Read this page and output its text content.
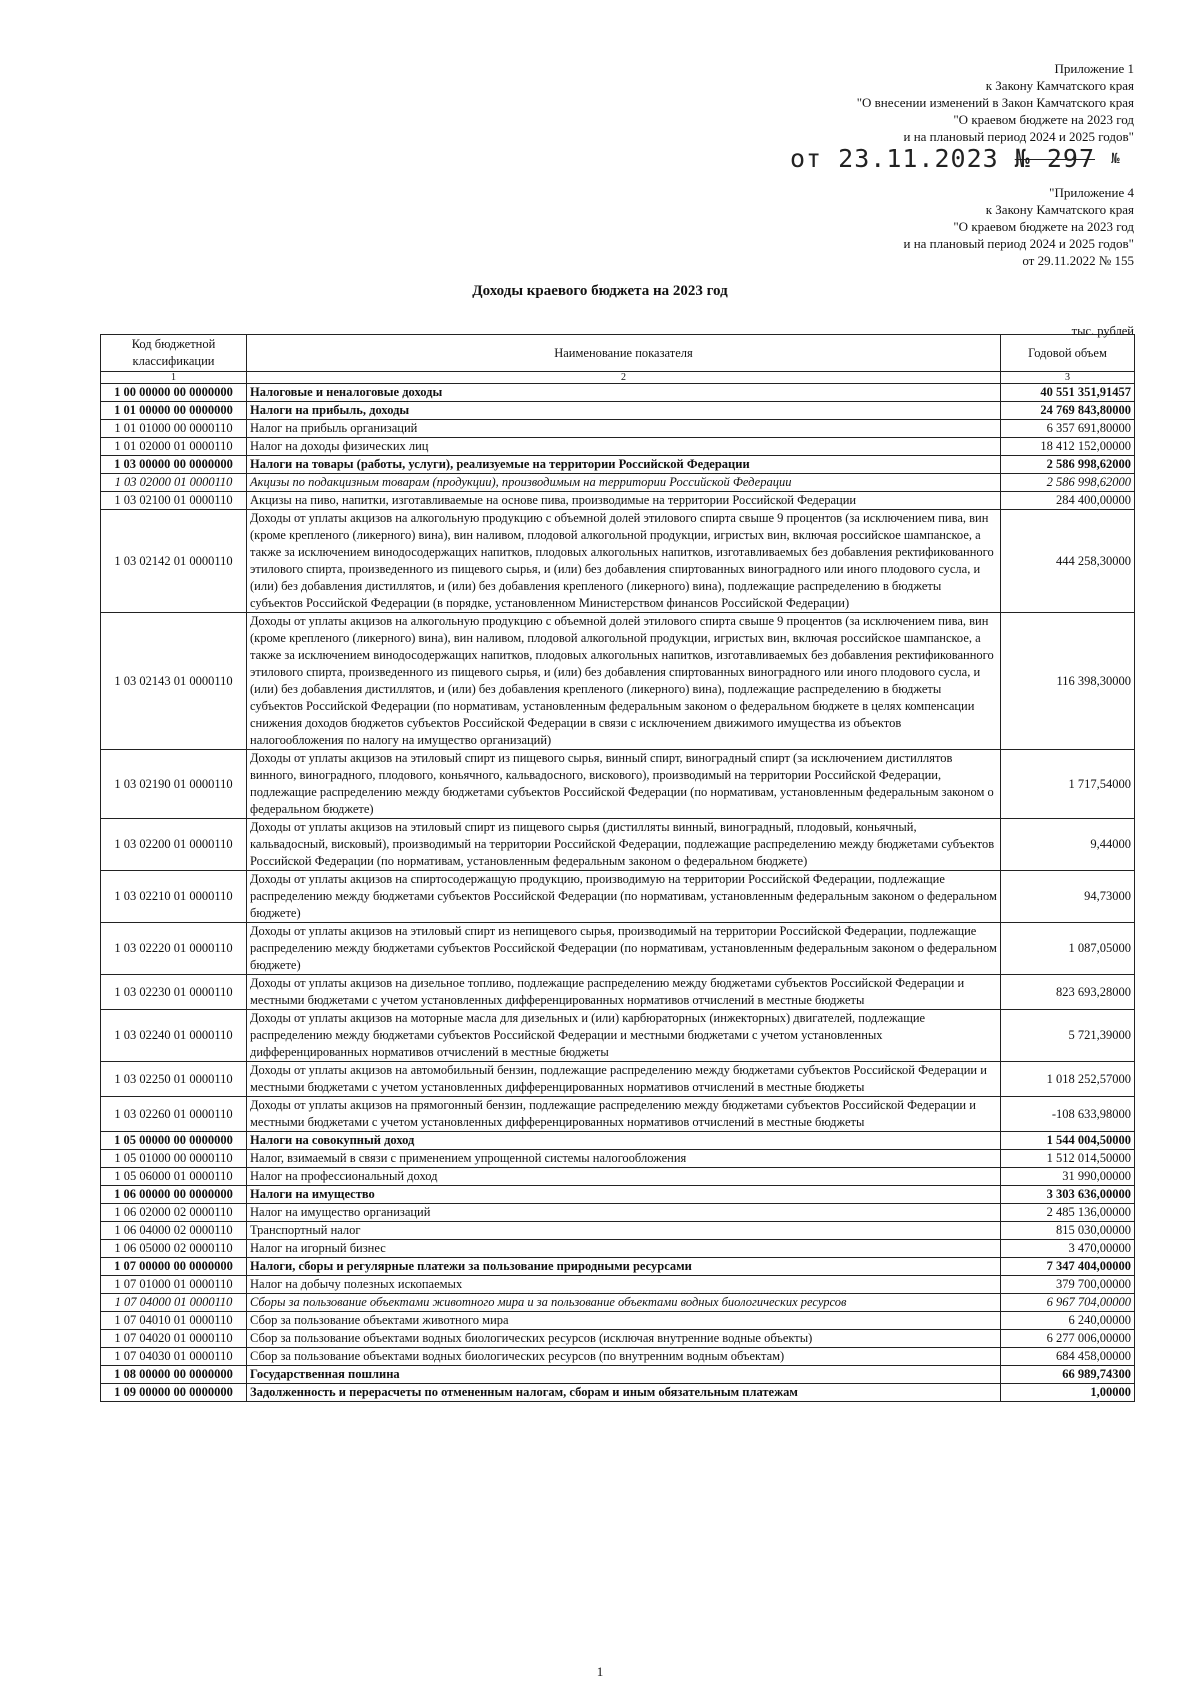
Приложение 1
к Закону Камчатского края
"О внесении изменений в Закон Камчатского края
"О краевом бюджете на 2023 год
и на плановый период 2024 и 2025 годов"
от 23.11.2023 № 297 №
"Приложение 4
к Закону Камчатского края
"О краевом бюджете на 2023 год
и на плановый период 2024 и 2025 годов"
от 29.11.2022 № 155
Доходы краевого бюджета на 2023 год
тыс. рублей
Код бюджетной классификации	Наименование показателя	Годовой объем
1	2	3
1 00 00000 00 0000000	Налоговые и неналоговые доходы	40 551 351,91457
1 01 00000 00 0000000	Налоги на прибыль, доходы	24 769 843,80000
1 01 01000 00 0000110	Налог на прибыль организаций	6 357 691,80000
1 01 02000 01 0000110	Налог на доходы физических лиц	18 412 152,00000
1 03 00000 00 0000000	Налоги на товары (работы, услуги), реализуемые на территории Российской Федерации	2 586 998,62000
1 03 02000 01 0000110	Акцизы по подакцизным товарам (продукции), производимым на территории Российской Федерации	2 586 998,62000
1 03 02100 01 0000110	Акцизы на пиво, напитки, изготавливаемые на основе пива, производимые на территории Российской Федерации	284 400,00000
1 03 02142 01 0000110	Доходы от уплаты акцизов на алкогольную продукцию с объемной долей этилового спирта свыше 9 процентов (за исключением пива, вин (кроме крепленого (ликерного) вина), вин наливом, плодовой алкогольной продукции, игристых вин, включая российское шампанское, а также за исключением винодосодержащих напитков, плодовых алкогольных напитков, изготавливаемых без добавления ректификованного этилового спирта, произведенного из пищевого сырья, и (или) без добавления спиртованных виноградного или иного плодового сусла, и (или) без добавления дистиллятов, и (или) без добавления крепленого (ликерного) вина), подлежащие распределению в бюджеты субъектов Российской Федерации (в порядке, установленном Министерством финансов Российской Федерации)	444 258,30000
1 03 02143 01 0000110	Доходы от уплаты акцизов на алкогольную продукцию с объемной долей этилового спирта свыше 9 процентов (за исключением пива, вин (кроме крепленого (ликерного) вина), вин наливом, плодовой алкогольной продукции, игристых вин, включая российское шампанское, а также за исключением винодосодержащих напитков, плодовых алкогольных напитков, изготавливаемых без добавления ректификованного этилового спирта, произведенного из пищевого сырья, и (или) без добавления спиртованных виноградного или иного плодового сусла, и (или) без добавления дистиллятов, и (или) без добавления крепленого (ликерного) вина), подлежащие распределению в бюджеты субъектов Российской Федерации (по нормативам, установленным федеральным законом о федеральном бюджете в целях компенсации снижения доходов бюджетов субъектов Российской Федерации в связи с исключением движимого имущества из объектов налогообложения по налогу на имущество организаций)	116 398,30000
1 03 02190 01 0000110	Доходы от уплаты акцизов на этиловый спирт из пищевого сырья, винный спирт, виноградный спирт (за исключением дистиллятов винного, виноградного, плодового, коньячного, кальвадосного, вискового), производимый на территории Российской Федерации, подлежащие распределению между бюджетами субъектов Российской Федерации (по нормативам, установленным федеральным законом о федеральном бюджете)	1 717,54000
1 03 02200 01 0000110	Доходы от уплаты акцизов на этиловый спирт из пищевого сырья (дистилляты винный, виноградный, плодовый, коньячный, кальвадосный, висковый), производимый на территории Российской Федерации, подлежащие распределению между бюджетами субъектов Российской Федерации (по нормативам, установленным федеральным законом о федеральном бюджете)	9,44000
1 03 02210 01 0000110	Доходы от уплаты акцизов на спиртосодержащую продукцию, производимую на территории Российской Федерации, подлежащие распределению между бюджетами субъектов Российской Федерации (по нормативам, установленным федеральным законом о федеральном бюджете)	94,73000
1 03 02220 01 0000110	Доходы от уплаты акцизов на этиловый спирт из непищевого сырья, производимый на территории Российской Федерации, подлежащие распределению между бюджетами субъектов Российской Федерации (по нормативам, установленным федеральным законом о федеральном бюджете)	1 087,05000
1 03 02230 01 0000110	Доходы от уплаты акцизов на дизельное топливо, подлежащие распределению между бюджетами субъектов Российской Федерации и местными бюджетами с учетом установленных дифференцированных нормативов отчислений в местные бюджеты	823 693,28000
1 03 02240 01 0000110	Доходы от уплаты акцизов на моторные масла для дизельных и (или) карбюраторных (инжекторных) двигателей, подлежащие распределению между бюджетами субъектов Российской Федерации и местными бюджетами с учетом установленных дифференцированных нормативов отчислений в местные бюджеты	5 721,39000
1 03 02250 01 0000110	Доходы от уплаты акцизов на автомобильный бензин, подлежащие распределению между бюджетами субъектов Российской Федерации и местными бюджетами с учетом установленных дифференцированных нормативов отчислений в местные бюджеты	1 018 252,57000
1 03 02260 01 0000110	Доходы от уплаты акцизов на прямогонный бензин, подлежащие распределению между бюджетами субъектов Российской Федерации и местными бюджетами с учетом установленных дифференцированных нормативов отчислений в местные бюджеты	-108 633,98000
1 05 00000 00 0000000	Налоги на совокупный доход	1 544 004,50000
1 05 01000 00 0000110	Налог, взимаемый в связи с применением упрощенной системы налогообложения	1 512 014,50000
1 05 06000 01 0000110	Налог на профессиональный доход	31 990,00000
1 06 00000 00 0000000	Налоги на имущество	3 303 636,00000
1 06 02000 02 0000110	Налог на имущество организаций	2 485 136,00000
1 06 04000 02 0000110	Транспортный налог	815 030,00000
1 06 05000 02 0000110	Налог на игорный бизнес	3 470,00000
1 07 00000 00 0000000	Налоги, сборы и регулярные платежи за пользование природными ресурсами	7 347 404,00000
1 07 01000 01 0000110	Налог на добычу полезных ископаемых	379 700,00000
1 07 04000 01 0000110	Сборы за пользование объектами животного мира и за пользование объектами водных биологических ресурсов	6 967 704,00000
1 07 04010 01 0000110	Сбор за пользование объектами животного мира	6 240,00000
1 07 04020 01 0000110	Сбор за пользование объектами водных биологических ресурсов (исключая внутренние водные объекты)	6 277 006,00000
1 07 04030 01 0000110	Сбор за пользование объектами водных биологических ресурсов (по внутренним водным объектам)	684 458,00000
1 08 00000 00 0000000	Государственная пошлина	66 989,74300
1 09 00000 00 0000000	Задолженность и перерасчеты по отмененным налогам, сборам и иным обязательным платежам	1,00000
1
